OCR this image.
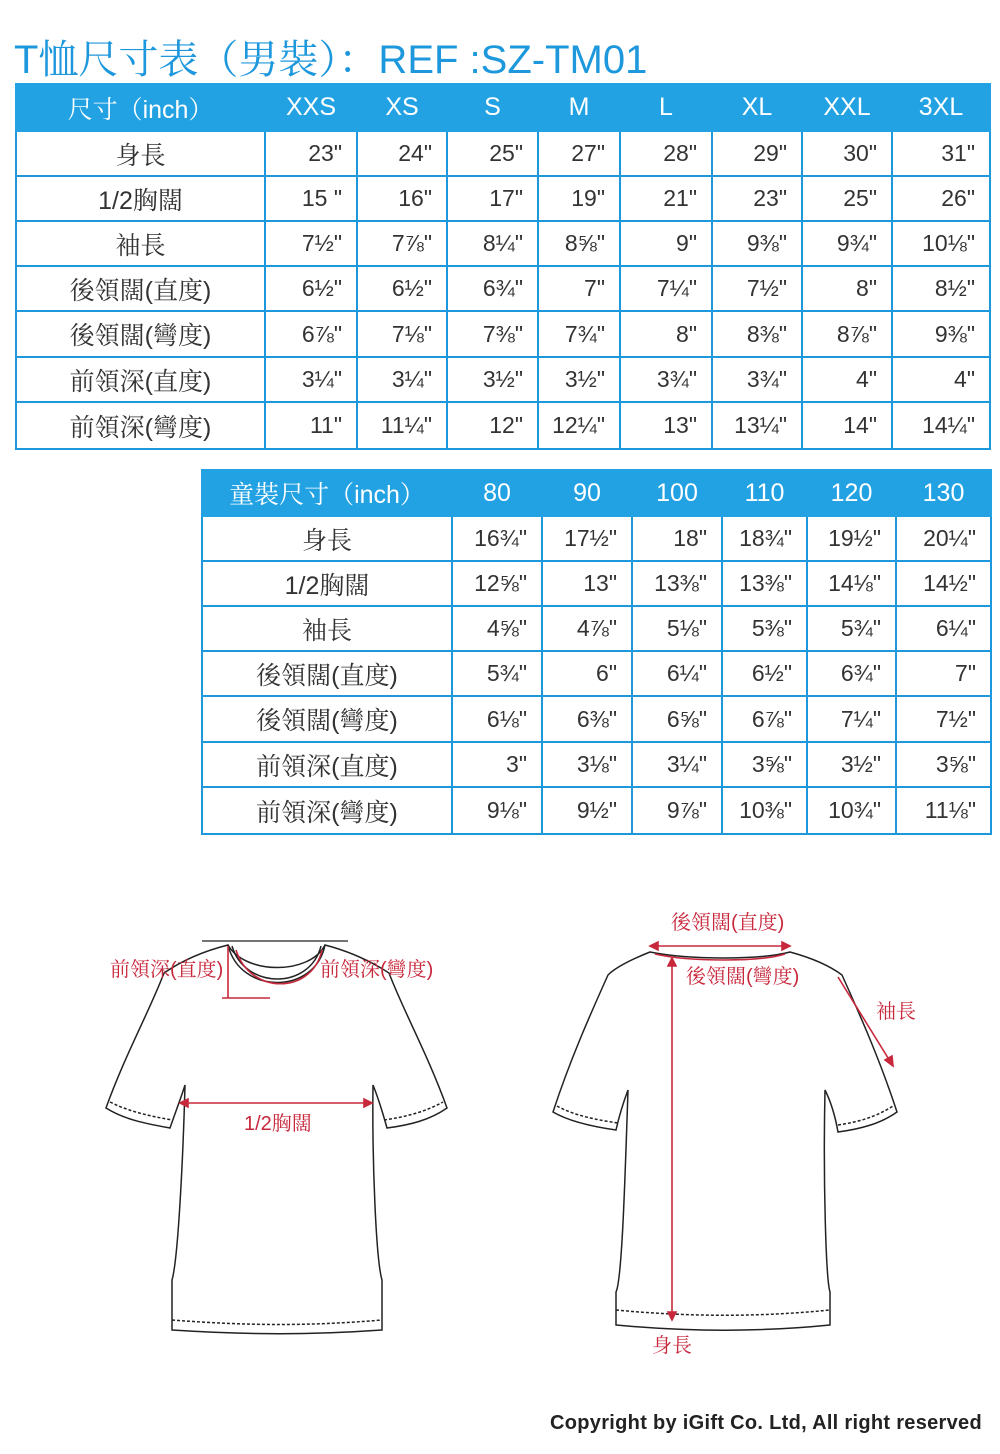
T恤尺寸表（男裝）：REF :SZ-TM01
尺寸（inch）	XXS	XS	S	M	L	XL	XXL	3XL
身長	23"	24"	25"	27"	28"	29"	30"	31"
1/2胸闊	15 "	16"	17"	19"	21"	23"	25"	26"
袖長	7½"	7⅞"	8¼"	8⅝"	9"	9⅜"	9¾"	10⅛"
後領闊(直度)	6½"	6½"	6¾"	7"	7¼"	7½"	8"	8½"
後領闊(彎度)	6⅞"	7⅛"	7⅜"	7¾"	8"	8⅜"	8⅞"	9⅜"
前領深(直度)	3¼"	3¼"	3½"	3½"	3¾"	3¾"	4"	4"
前領深(彎度)	11"	11¼"	12"	12¼"	13"	13¼"	14"	14¼"
童裝尺寸（inch）	80	90	100	110	120	130
身長	16¾"	17½"	18"	18¾"	19½"	20¼"
1/2胸闊	12⅝"	13"	13⅜"	13⅜"	14⅛"	14½"
袖長	4⅝"	4⅞"	5⅛"	5⅜"	5¾"	6¼"
後領闊(直度)	5¾"	6"	6¼"	6½"	6¾"	7"
後領闊(彎度)	6⅛"	6⅜"	6⅝"	6⅞"	7¼"	7½"
前領深(直度)	3"	3⅛"	3¼"	3⅝"	3½"	3⅝"
前領深(彎度)	9⅛"	9½"	9⅞"	10⅜"	10¾"	11⅛"
前領深(直度)	前領深(彎度)
1/2胸闊
後領闊(直度)
後領闊(彎度)
袖長
身長
Copyright by iGift Co. Ltd, All right reserved
